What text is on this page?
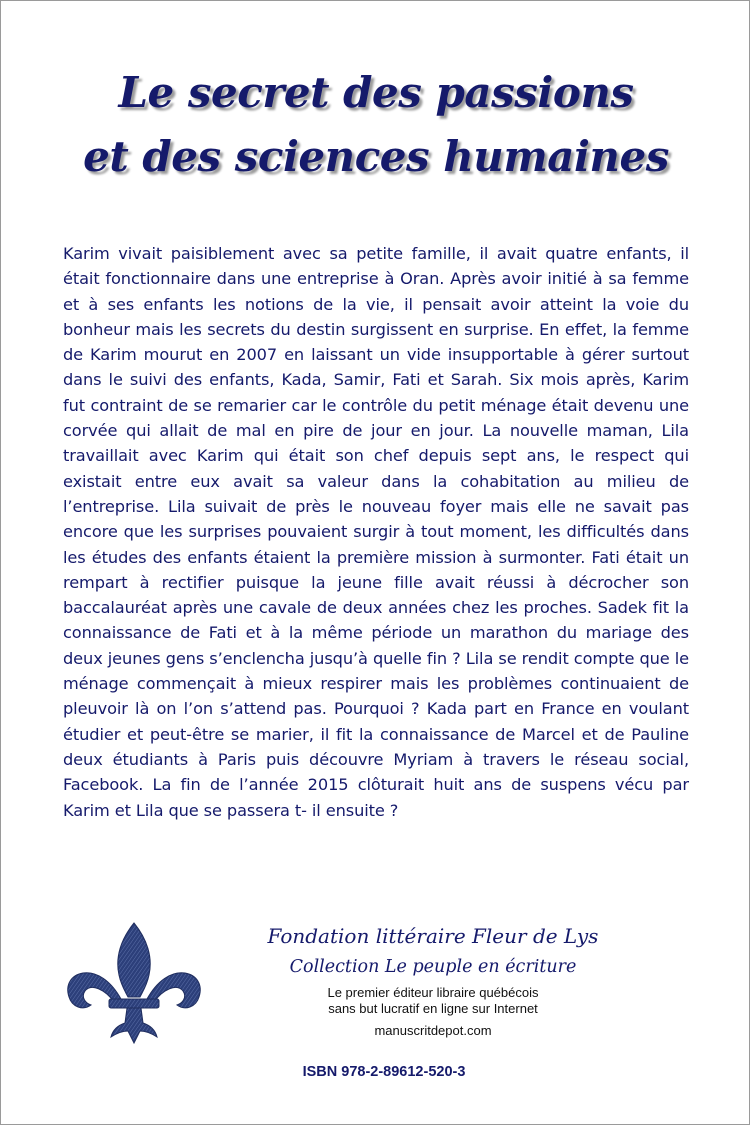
Le secret des passions
et des sciences humaines

Karim vivait paisiblement avec sa petite famille, il avait quatre enfants, il était fonctionnaire dans une entreprise à Oran. Après avoir initié à sa femme et à ses enfants les notions de la vie, il pensait avoir atteint la voie du bonheur mais les secrets du destin surgissent en surprise. En effet, la femme de Karim mourut en 2007 en laissant un vide insupportable à gérer surtout dans le suivi des enfants, Kada, Samir, Fati et Sarah. Six mois après, Karim fut contraint de se remarier car le contrôle du petit ménage était devenu une corvée qui allait de mal en pire de jour en jour. La nouvelle maman, Lila travaillait avec Karim qui était son chef depuis sept ans, le respect qui existait entre eux avait sa valeur dans la cohabitation au milieu de l’entreprise. Lila suivait de près le nouveau foyer mais elle ne savait pas encore que les surprises pouvaient surgir à tout moment, les difficultés dans les études des enfants étaient la première mission à surmonter. Fati était un rempart à rectifier puisque la jeune fille avait réussi à décrocher son baccalauréat après une cavale de deux années chez les proches. Sadek fit la connaissance de Fati et à la même période un marathon du mariage des deux jeunes gens s’enclencha jusqu’à quelle fin ? Lila se rendit compte que le ménage commençait à mieux respirer mais les problèmes continuaient de pleuvoir là on l’on s’attend pas. Pourquoi ? Kada part en France en voulant étudier et peut-être se marier, il fit la connaissance de Marcel et de Pauline deux étudiants à Paris puis découvre Myriam à travers le réseau social, Facebook. La fin de l’année 2015 clôturait huit ans de suspens vécu par Karim et Lila que se passera t- il ensuite ?

Fondation littéraire Fleur de Lys
Collection Le peuple en écriture
Le premier éditeur libraire québécois
sans but lucratif en ligne sur Internet
manuscritdepot.com
ISBN 978-2-89612-520-3
